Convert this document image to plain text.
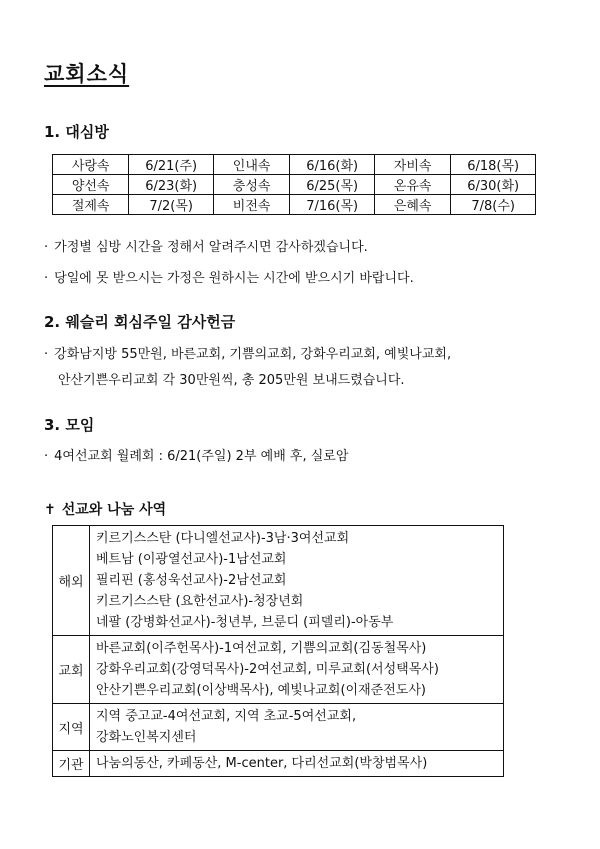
교회소식
1. 대심방
사랑속	6/21(주)	인내속	6/16(화)	자비속	6/18(목)
양선속	6/23(화)	충성속	6/25(목)	온유속	6/30(화)
절제속	7/2(목)	비전속	7/16(목)	은혜속	7/8(수)
· 가정별 심방 시간을 정해서 알려주시면 감사하겠습니다.
· 당일에 못 받으시는 가정은 원하시는 시간에 받으시기 바랍니다.
2. 웨슬리 회심주일 감사헌금
· 강화남지방 55만원, 바른교회, 기쁨의교회, 강화우리교회, 예빛나교회,
안산기쁜우리교회 각 30만원씩, 총 205만원 보내드렸습니다.
3. 모임
· 4여선교회 월례회 : 6/21(주일) 2부 예배 후, 실로암
✝ 선교와 나눔 사역
해외	키르기스스탄 (다니엘선교사)-3남·3여선교회
베트남 (이광열선교사)-1남선교회
필리핀 (홍성욱선교사)-2남선교회
키르기스스탄 (요한선교사)-청장년회
네팔 (강병화선교사)-청년부, 브룬디 (피델리)-아동부

교회	바른교회(이주헌목사)-1여선교회, 기쁨의교회(김동철목사)
강화우리교회(강영덕목사)-2여선교회, 미루교회(서성택목사)
안산기쁜우리교회(이상백목사), 예빛나교회(이재준전도사)

지역	지역 중고교-4여선교회, 지역 초교-5여선교회,
강화노인복지센터

기관	나눔의동산, 카페동산, M-center, 다리선교회(박창범목사)
